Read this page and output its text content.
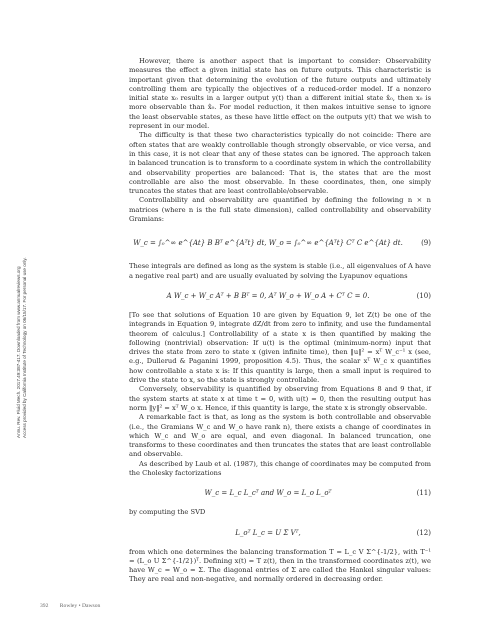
Annu. Rev. Fluid Mech. 2017.49:387-417. Downloaded from www.annualreviews.org Access provided by California Institute of Technology on 06/15/17. For personal use only.

However, there is another aspect that is important to consider: Observability measures the effect a given initial state has on future outputs. This characteristic is important given that determining the evolution of the future outputs and ultimately controlling them are typically the objectives of a reduced-order model. If a nonzero initial state x₀ results in a larger output y(t) than a different initial state x̂₀, then x₀ is more observable than x̂₀. For model reduction, it then makes intuitive sense to ignore the least observable states, as these have little effect on the outputs y(t) that we wish to represent in our model.

The difficulty is that these two characteristics typically do not coincide: There are often states that are weakly controllable though strongly observable, or vice versa, and in this case, it is not clear that any of these states can be ignored. The approach taken in balanced truncation is to transform to a coordinate system in which the controllability and observability properties are balanced: That is, the states that are the most controllable are also the most observable. In these coordinates, then, one simply truncates the states that are least controllable/observable.

Controllability and observability are quantified by defining the following n × n matrices (where n is the full state dimension), called controllability and observability Gramians:

W_c = ∫₀^∞ e^{At} B Bᵀ e^{Aᵀt} dt, W_o = ∫₀^∞ e^{Aᵀt} Cᵀ C e^{At} dt.	(9)

These integrals are defined as long as the system is stable (i.e., all eigenvalues of A have a negative real part) and are usually evaluated by solving the Lyapunov equations

A W_c + W_c Aᵀ + B Bᵀ = 0, Aᵀ W_o + W_o A + Cᵀ C = 0.	(10)

[To see that solutions of Equation 10 are given by Equation 9, let Z(t) be one of the integrands in Equation 9, integrate dZ/dt from zero to infinity, and use the fundamental theorem of calculus.] Controllability of a state x is then quantified by making the following (nontrivial) observation: If u(t) is the optimal (minimum-norm) input that drives the state from zero to state x (given infinite time), then ‖u‖² = xᵀ W_c⁻¹ x (see, e.g., Dullerud & Paganini 1999, proposition 4.5). Thus, the scalar xᵀ W_c x quantifies how controllable a state x is: If this quantity is large, then a small input is required to drive the state to x, so the state is strongly controllable.

Conversely, observability is quantified by observing from Equations 8 and 9 that, if the system starts at state x at time t = 0, with u(t) = 0, then the resulting output has norm ‖y‖² = xᵀ W_o x. Hence, if this quantity is large, the state x is strongly observable.

A remarkable fact is that, as long as the system is both controllable and observable (i.e., the Gramians W_c and W_o have rank n), there exists a change of coordinates in which W_c and W_o are equal, and even diagonal. In balanced truncation, one transforms to these coordinates and then truncates the states that are least controllable and observable.

As described by Laub et al. (1987), this change of coordinates may be computed from the Cholesky factorizations

W_c = L_c L_cᵀ and W_o = L_o L_oᵀ	(11)

by computing the SVD

L_oᵀ L_c = U Σ Vᵀ,	(12)

from which one determines the balancing transformation T = L_c V Σ^{-1/2}, with T⁻¹ = (L_o U Σ^{-1/2})ᵀ. Defining x(t) = T z(t), then in the transformed coordinates z(t), we have W_c = W_o = Σ. The diagonal entries of Σ are called the Hankel singular values: They are real and non-negative, and normally ordered in decreasing order.

392 Rowley • Dawson
